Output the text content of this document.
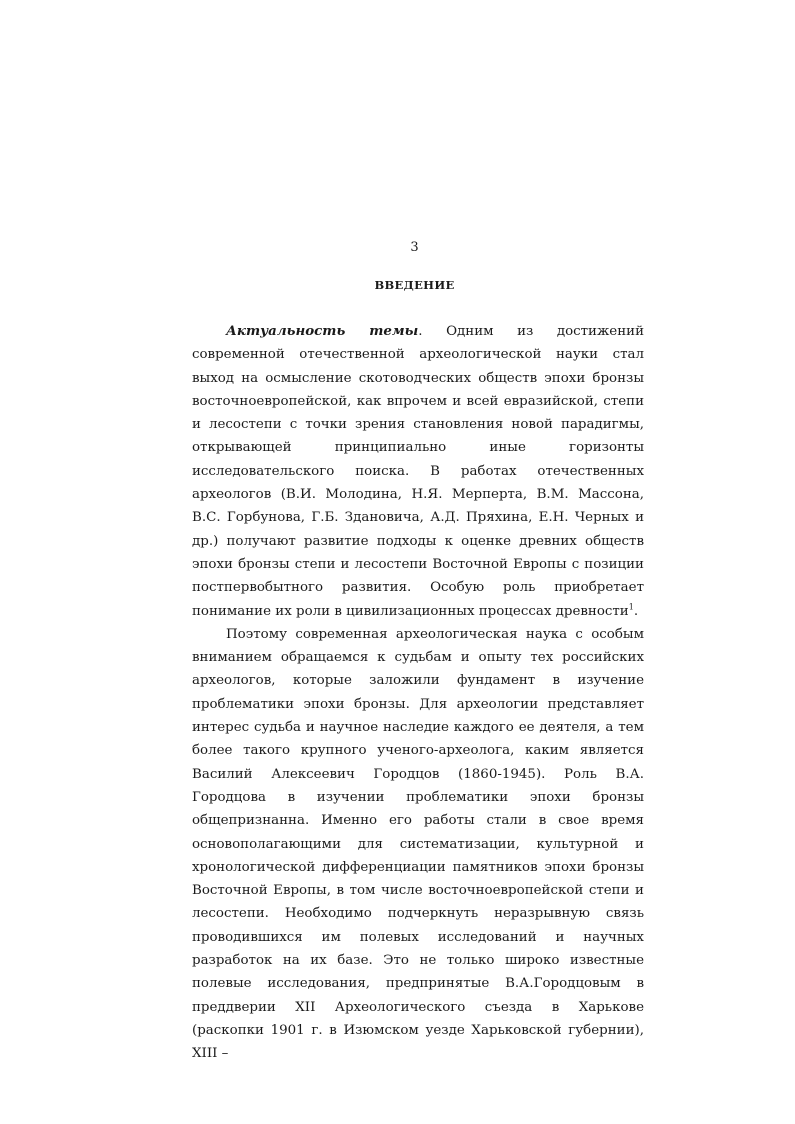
3
ВВЕДЕНИЕ

Актуальность темы. Одним из достижений современной отечественной археологической науки стал выход на осмысление скотоводческих обществ эпохи бронзы восточноевропейской, как впрочем и всей евразийской, степи и лесостепи с точки зрения становления новой парадигмы, открывающей принципиально иные горизонты исследовательского поиска. В работах отечественных археологов (В.И. Молодина, Н.Я. Мерперта, В.М. Массона, В.С. Горбунова, Г.Б. Здановича, А.Д. Пряхина, Е.Н. Черных и др.) получают развитие подходы к оценке древних обществ эпохи бронзы степи и лесостепи Восточной Европы с позиции постпервобытного развития. Особую роль приобретает понимание их роли в цивилизационных процессах древности$^1$.

Поэтому современная археологическая наука с особым вниманием обращаемся к судьбам и опыту тех российских археологов, которые заложили фундамент в изучение проблематики эпохи бронзы. Для археологии представляет интерес судьба и научное наследие каждого ее деятеля, а тем более такого крупного ученого-археолога, каким является Василий Алексеевич Городцов (1860-1945). Роль В.А. Городцова в изучении проблематики эпохи бронзы общепризнанна. Именно его работы стали в свое время основополагающими для систематизации, культурной и хронологической дифференциации памятников эпохи бронзы Восточной Европы, в том числе восточноевропейской степи и лесостепи. Необходимо подчеркнуть неразрывную связь проводившихся им полевых исследований и научных разработок на их базе. Это не только широко известные полевые исследования, предпринятые В.А.Городцовым в преддверии XII Археологического съезда в Харькове (раскопки 1901 г. в Изюмском уезде Харьковской губернии), XIII –
